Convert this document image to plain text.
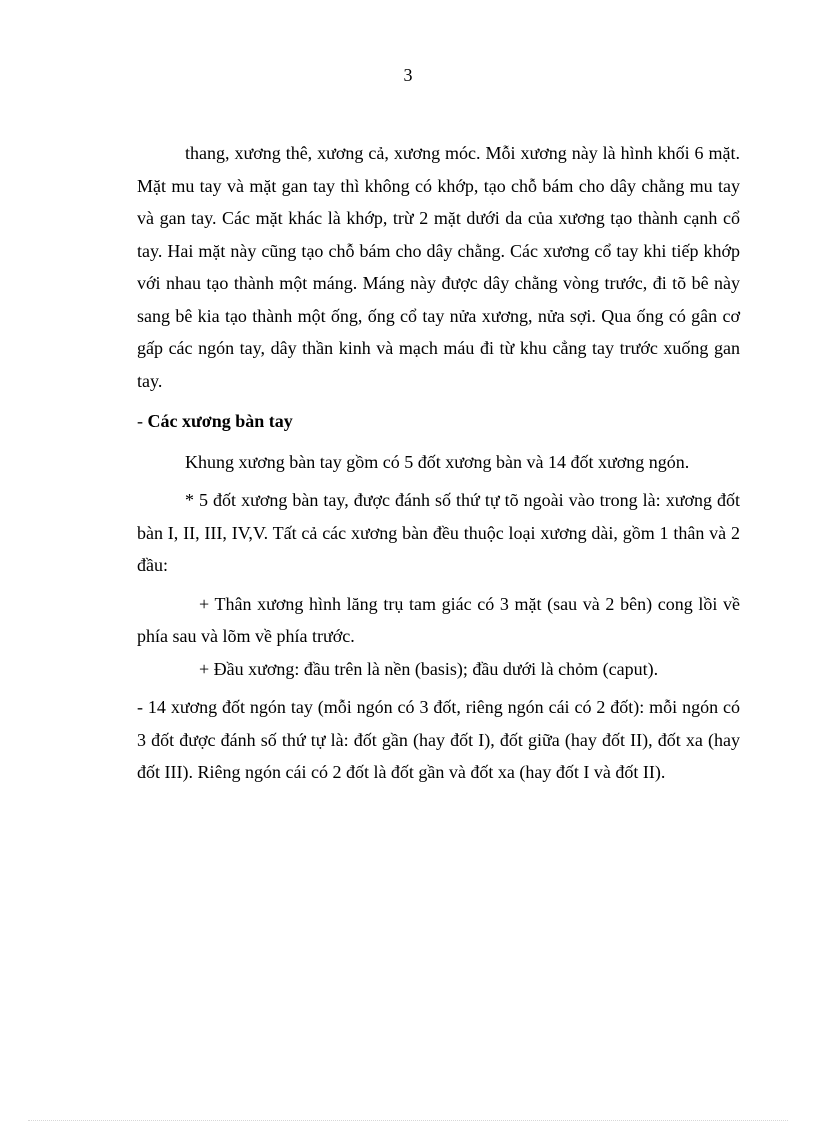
3

thang, xương thê, xương cả, xương móc. Mỗi xương này là hình khối 6 mặt. Mặt mu tay và mặt gan tay thì không có khớp, tạo chỗ bám cho dây chằng mu tay và gan tay. Các mặt khác là khớp, trừ 2 mặt dưới da của xương tạo thành cạnh cổ tay. Hai mặt này cũng tạo chỗ bám cho dây chằng. Các xương cổ tay khi tiếp khớp với nhau tạo thành một máng. Máng này được dây chằng vòng trước, đi tõ bê này sang bê kia tạo thành một ống, ống cổ tay nửa xương, nửa sợi. Qua ống có gân cơ gấp các ngón tay, dây thần kinh và mạch máu đi từ khu cẳng tay trước xuống gan tay.

- Các xương bàn tay

Khung xương bàn tay gồm có 5 đốt xương bàn và 14 đốt xương ngón.

* 5 đốt xương bàn tay, được đánh số thứ tự tõ ngoài vào trong là: xương đốt bàn I, II, III, IV,V. Tất cả các xương bàn đều thuộc loại xương dài, gồm 1 thân và 2 đầu:

+ Thân xương hình lăng trụ tam giác có 3 mặt (sau và 2 bên) cong lồi về phía sau và lõm về phía trước.

+ Đầu xương: đầu trên là nền (basis); đầu dưới là chỏm (caput).

- 14 xương đốt ngón tay (mỗi ngón có 3 đốt, riêng ngón cái có 2 đốt): mỗi ngón có 3 đốt được đánh số thứ tự là: đốt gần (hay đốt I), đốt giữa (hay đốt II), đốt xa (hay đốt III). Riêng ngón cái có 2 đốt là đốt gần và đốt xa (hay đốt I và đốt II).
